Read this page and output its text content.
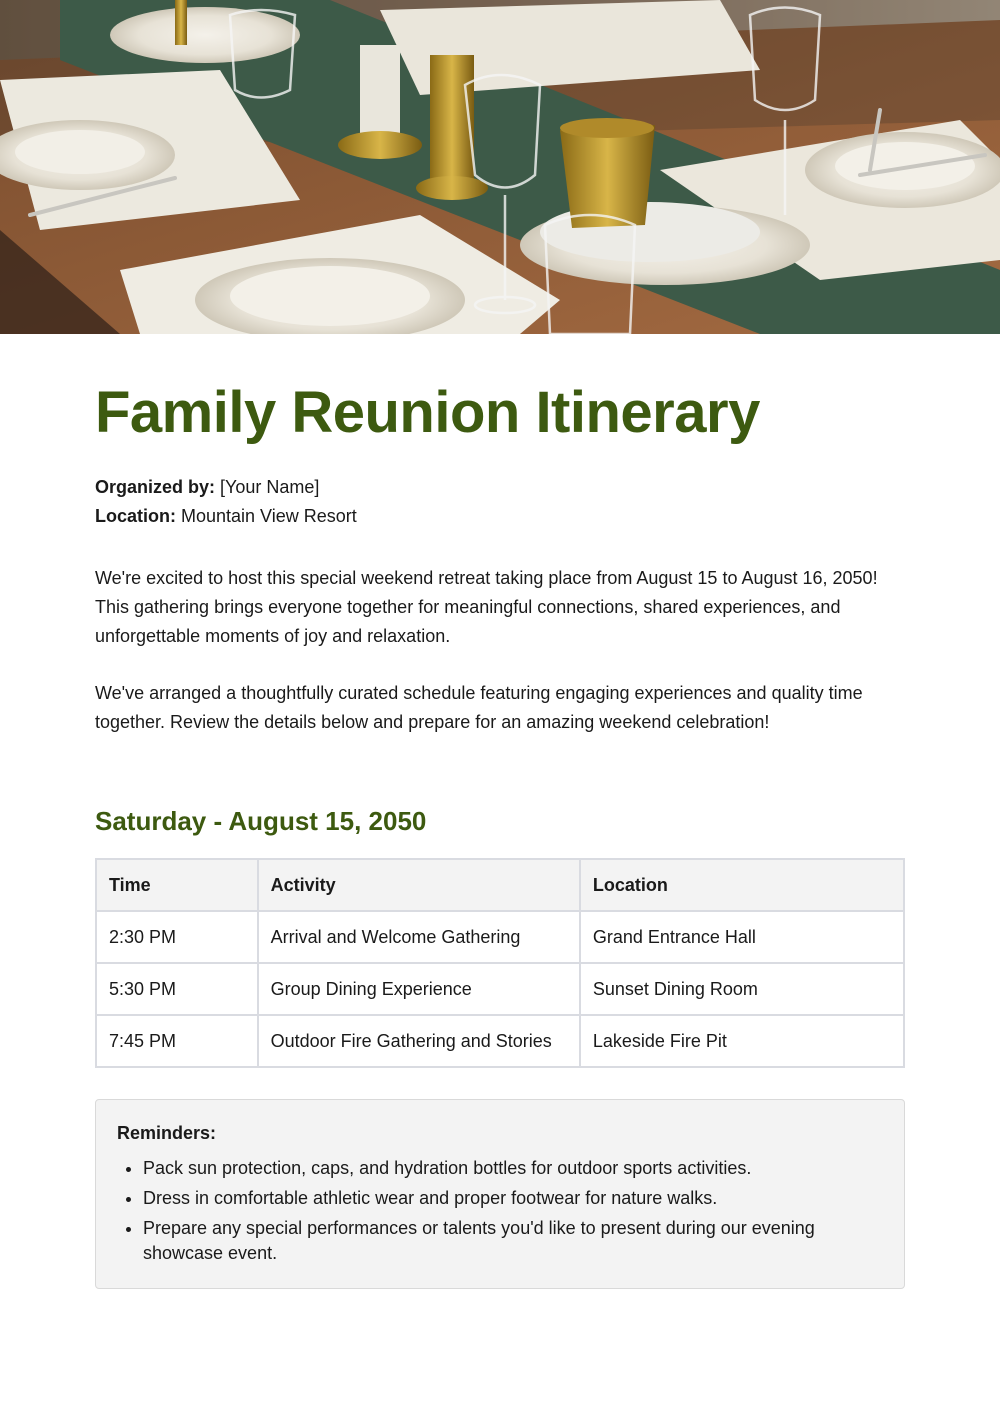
Family Reunion Itinerary
Organized by: [Your Name]
Location: Mountain View Resort

We're excited to host this special weekend retreat taking place from August 15 to August 16, 2050! This gathering brings everyone together for meaningful connections, shared experiences, and unforgettable moments of joy and relaxation.

We've arranged a thoughtfully curated schedule featuring engaging experiences and quality time together. Review the details below and prepare for an amazing weekend celebration!

Saturday - August 15, 2050
Time	Activity	Location
2:30 PM	Arrival and Welcome Gathering	Grand Entrance Hall
5:30 PM	Group Dining Experience	Sunset Dining Room
7:45 PM	Outdoor Fire Gathering and Stories	Lakeside Fire Pit
Reminders:
• Pack sun protection, caps, and hydration bottles for outdoor sports activities.
• Dress in comfortable athletic wear and proper footwear for nature walks.
• Prepare any special performances or talents you'd like to present during our evening showcase event.
